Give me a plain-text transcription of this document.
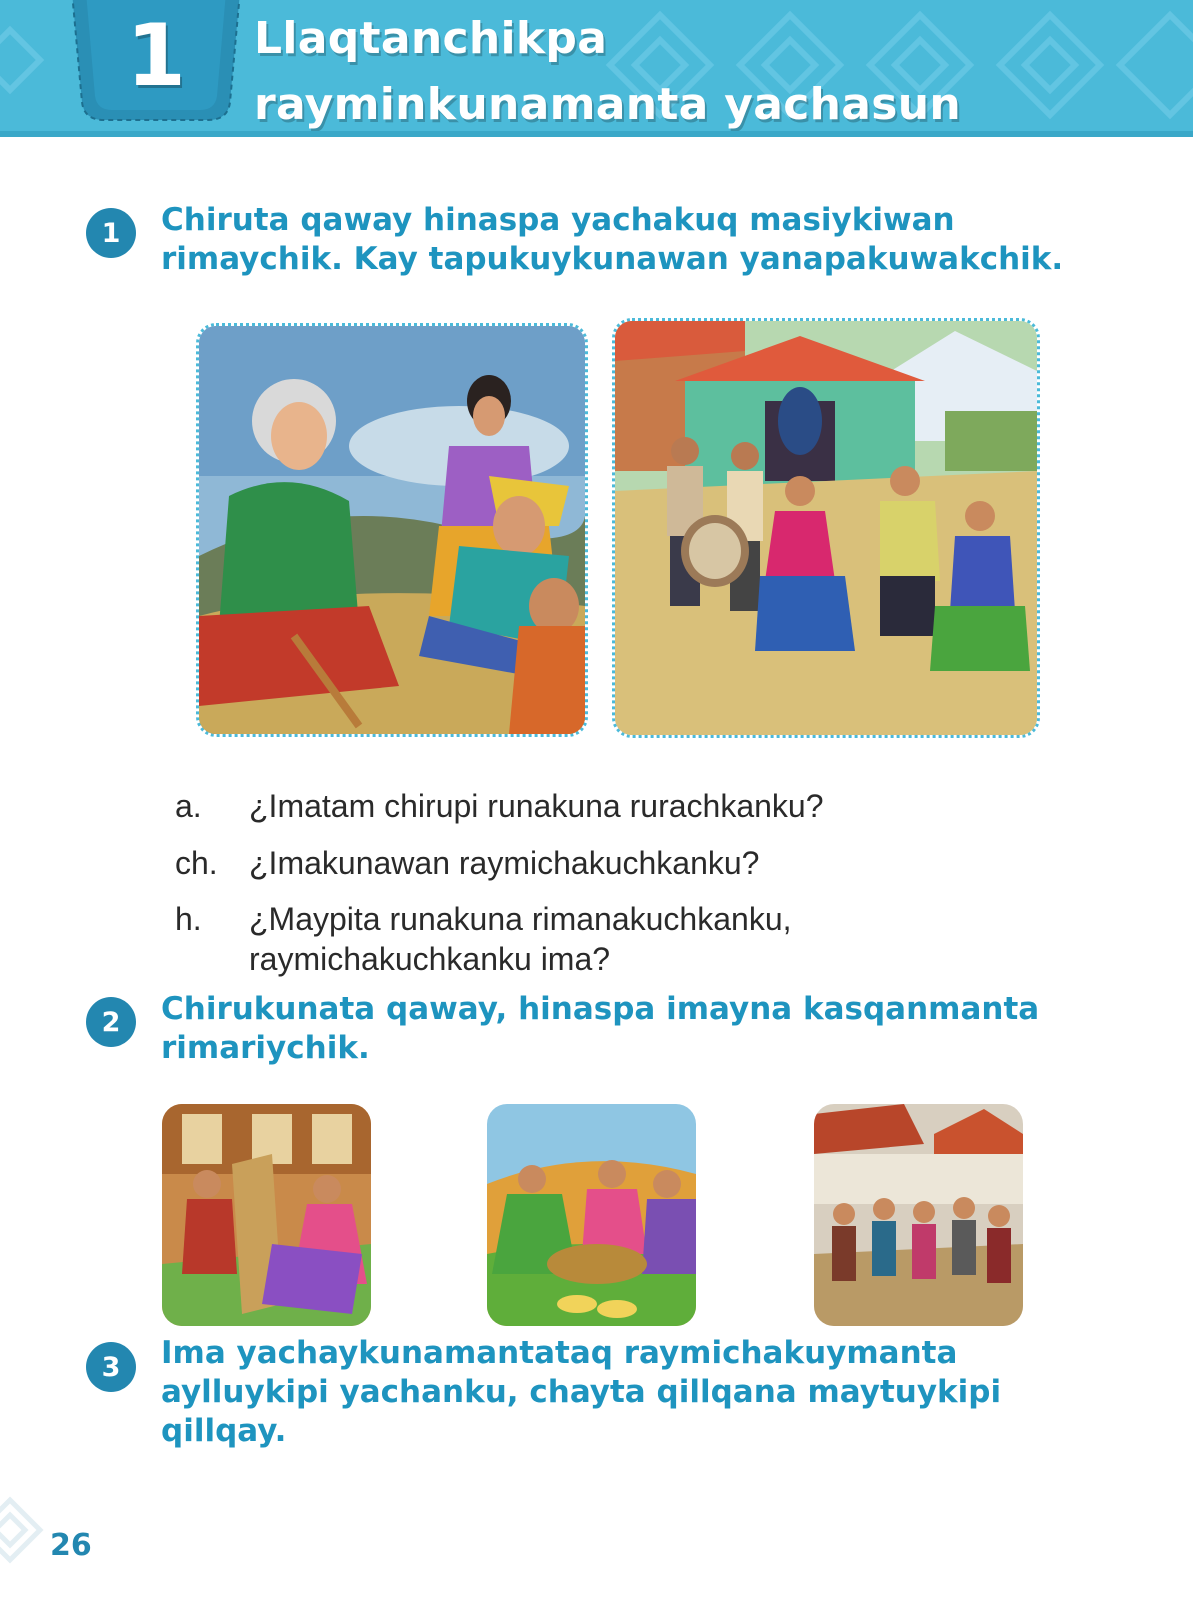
1	Llaqtanchikpa
rayminkunamanta yachasun
1	Chiruta qaway hinaspa yachakuq masiykiwan
rimaychik. Kay tapukuykunawan yanapakuwakchik.
a. ¿Imatam chirupi runakuna rurachkanku?
ch. ¿Imakunawan raymichakuchkanku?
h. ¿Maypita runakuna rimanakuchkanku,
raymichakuchkanku ima?
2	Chirukunata qaway, hinaspa imayna kasqanmanta
rimariychik.
3	Ima yachaykunamantataq raymichakuymanta
aylluykipi yachanku, chayta qillqana maytuykipi
qillqay.
26
